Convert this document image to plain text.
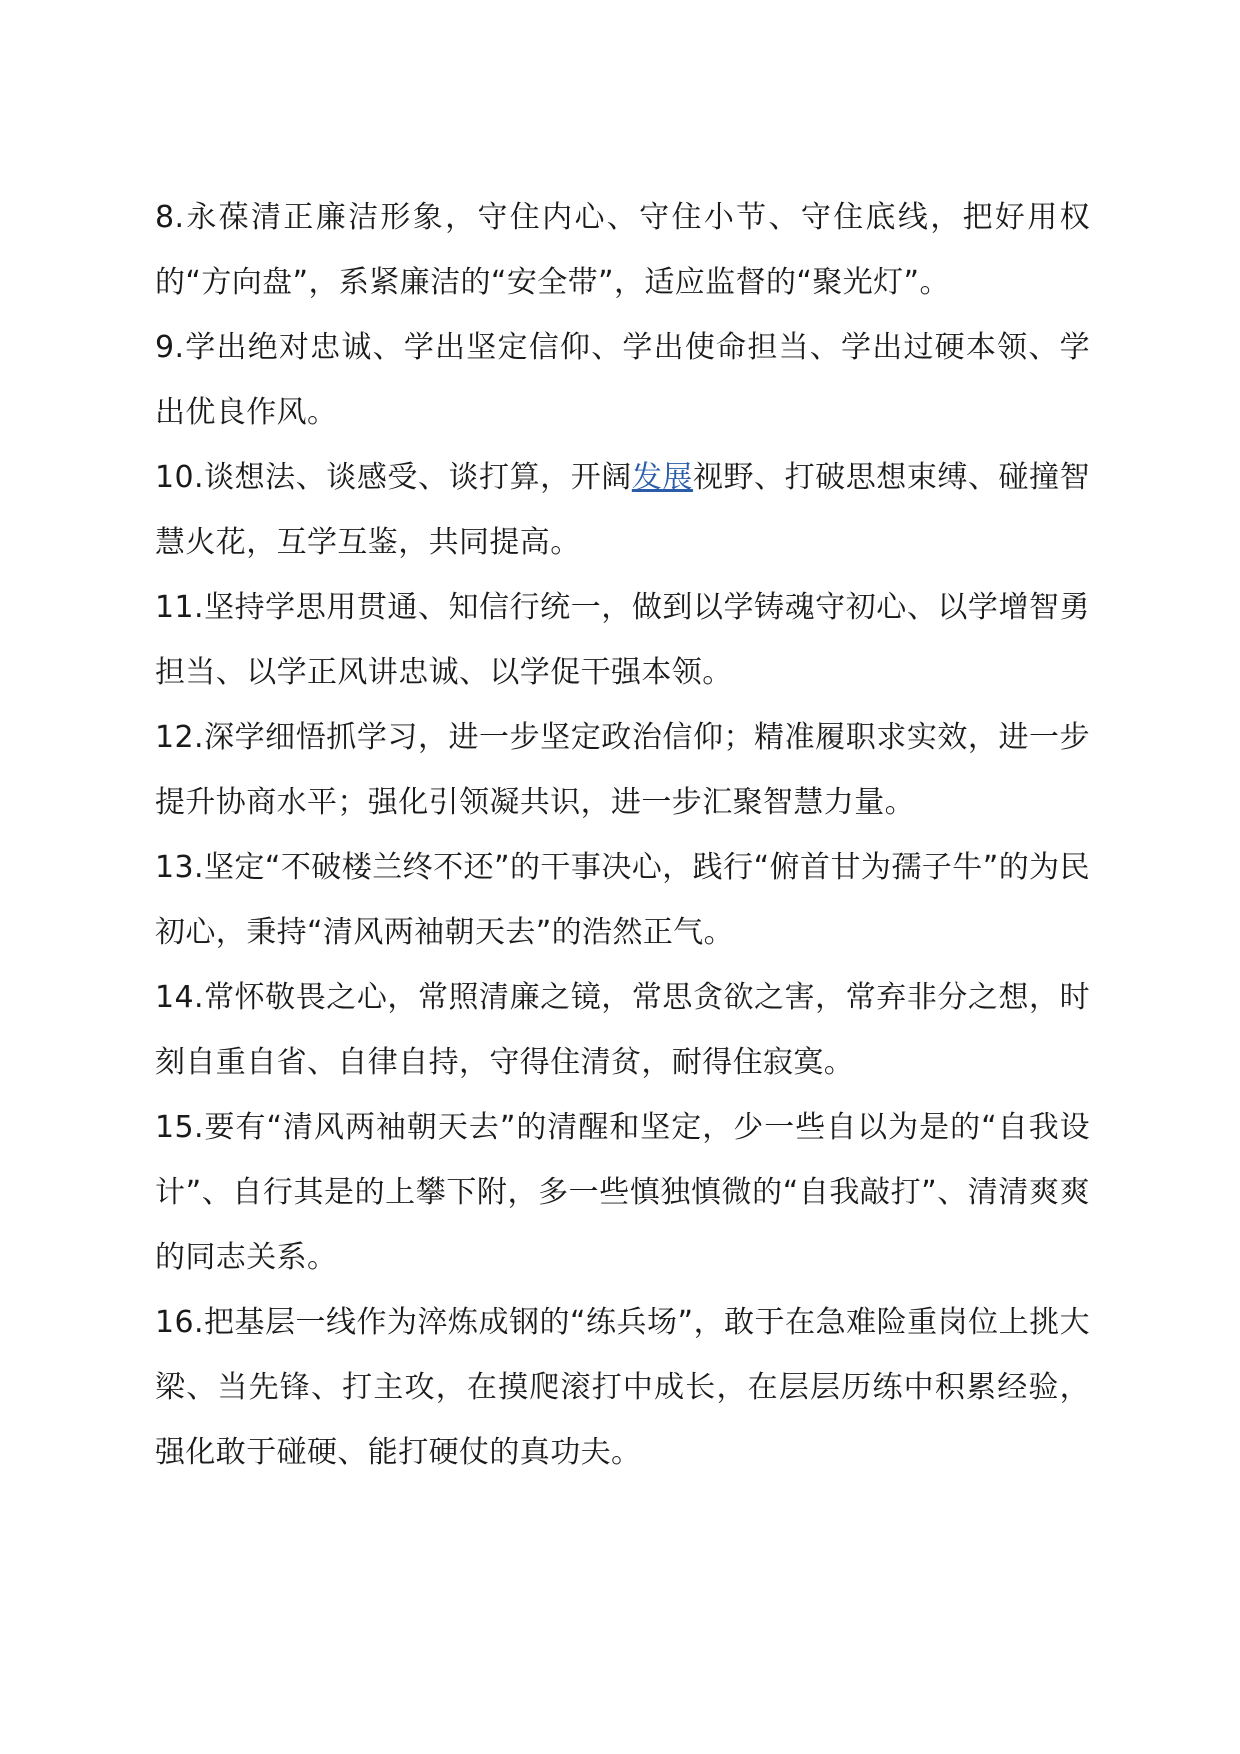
8.永葆清正廉洁形象，守住内心、守住小节、守住底线，把好用权的“方向盘”，系紧廉洁的“安全带”，适应监督的“聚光灯”。

9.学出绝对忠诚、学出坚定信仰、学出使命担当、学出过硬本领、学出优良作风。

10.谈想法、谈感受、谈打算，开阔发展视野、打破思想束缚、碰撞智慧火花，互学互鉴，共同提高。

11.坚持学思用贯通、知信行统一，做到以学铸魂守初心、以学增智勇担当、以学正风讲忠诚、以学促干强本领。

12.深学细悟抓学习，进一步坚定政治信仰；精准履职求实效，进一步提升协商水平；强化引领凝共识，进一步汇聚智慧力量。

13.坚定“不破楼兰终不还”的干事决心，践行“俯首甘为孺子牛”的为民初心，秉持“清风两袖朝天去”的浩然正气。

14.常怀敬畏之心，常照清廉之镜，常思贪欲之害，常弃非分之想，时刻自重自省、自律自持，守得住清贫，耐得住寂寞。

15.要有“清风两袖朝天去”的清醒和坚定，少一些自以为是的“自我设计”、自行其是的上攀下附，多一些慎独慎微的“自我敲打”、清清爽爽的同志关系。

16.把基层一线作为淬炼成钢的“练兵场”，敢于在急难险重岗位上挑大梁、当先锋、打主攻，在摸爬滚打中成长，在层层历练中积累经验，强化敢于碰硬、能打硬仗的真功夫。
